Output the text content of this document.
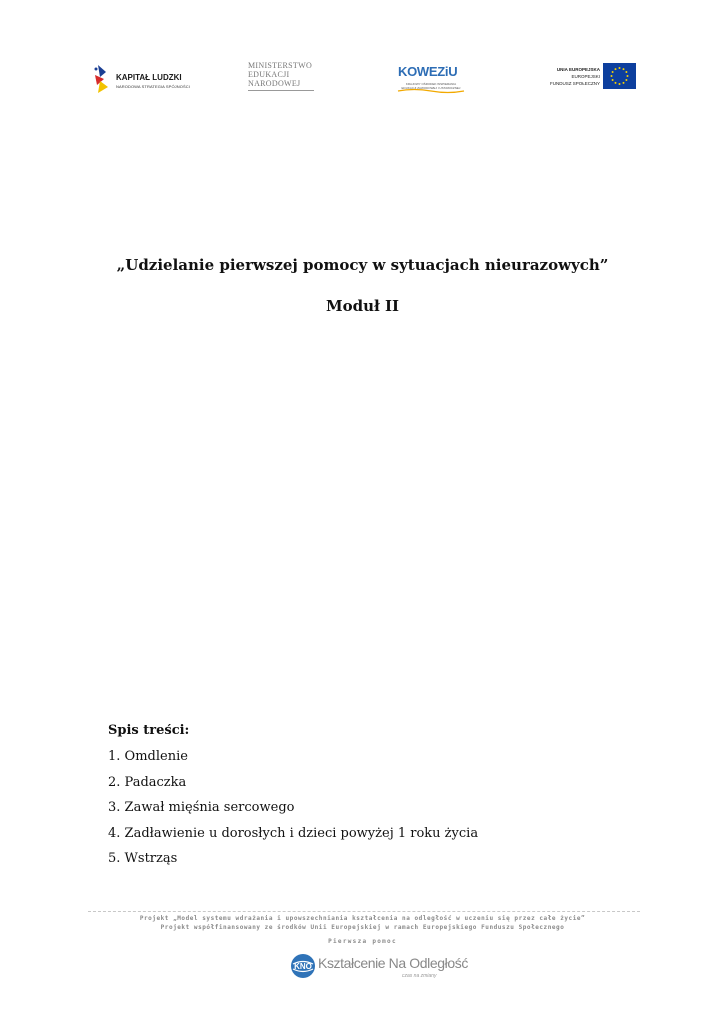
KAPITAŁ LUDZKI
NARODOWA STRATEGIA SPÓJNOŚCI
MINISTERSTWO
EDUKACJI
NARODOWEJ
KOWEZiU
KRAJOWY OŚRODEK WSPIERANIA EDUKACJI ZAWODOWEJ I USTAWICZNEJ
UNIA EUROPEJSKA
EUROPEJSKI
FUNDUSZ SPOŁECZNY
„Udzielanie pierwszej pomocy w sytuacjach nieurazowych”
Moduł II
Spis treści:
1. Omdlenie
2. Padaczka
3. Zawał mięśnia sercowego
4. Zadławienie u dorosłych i dzieci powyżej 1 roku życia
5. Wstrząs
Projekt „Model systemu wdrażania i upowszechniania kształcenia na odległość w uczeniu się przez całe życie”
Projekt współfinansowany ze środków Unii Europejskiej w ramach Europejskiego Funduszu Społecznego
Pierwsza pomoc
KNO Kształcenie Na Odległość
czas na zmiany
